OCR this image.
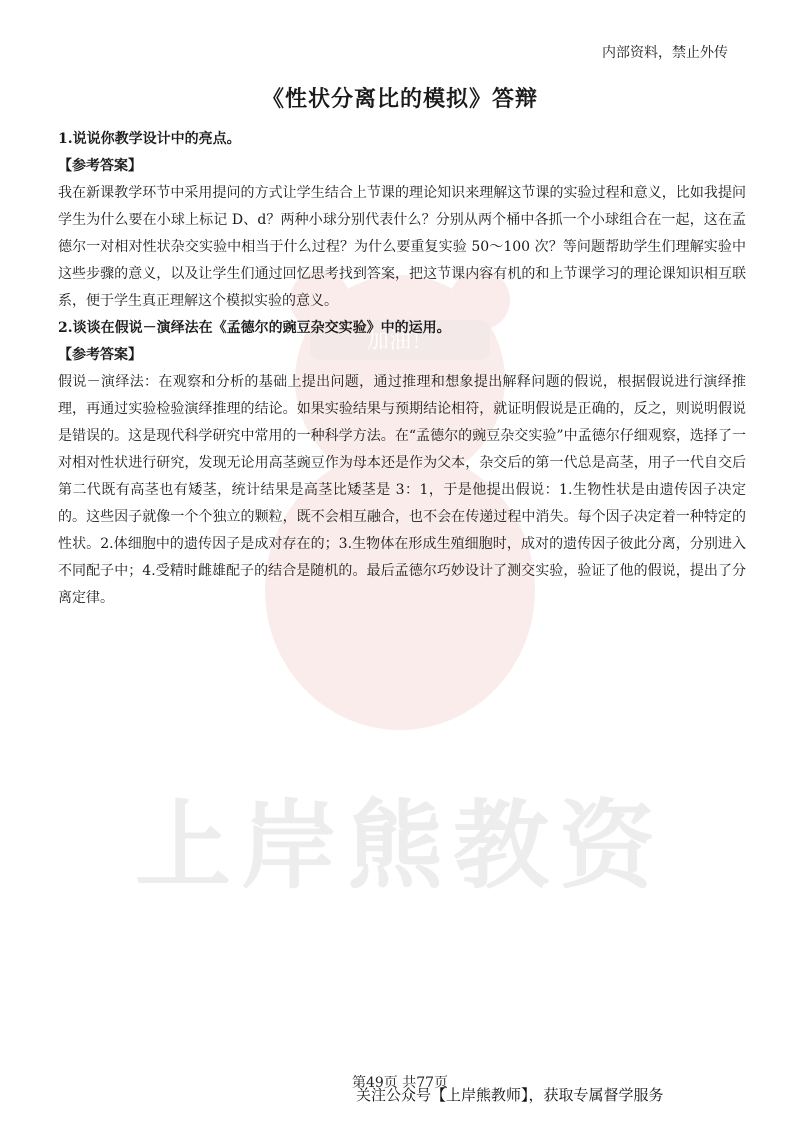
加油！
上岸熊教资
内部资料，禁止外传
《性状分离比的模拟》答辩
1.说说你教学设计中的亮点。
【参考答案】
我在新课教学环节中采用提问的方式让学生结合上节课的理论知识来理解这节课的实验过程和意义，比如我提问学生为什么要在小球上标记 D、d？两种小球分别代表什么？分别从两个桶中各抓一个小球组合在一起，这在孟德尔一对相对性状杂交实验中相当于什么过程？为什么要重复实验 50～100 次？等问题帮助学生们理解实验中这些步骤的意义，以及让学生们通过回忆思考找到答案，把这节课内容有机的和上节课学习的理论课知识相互联系，便于学生真正理解这个模拟实验的意义。
2.谈谈在假说－演绎法在《孟德尔的豌豆杂交实验》中的运用。
【参考答案】
假说－演绎法：在观察和分析的基础上提出问题，通过推理和想象提出解释问题的假说，根据假说进行演绎推理，再通过实验检验演绎推理的结论。如果实验结果与预期结论相符，就证明假说是正确的，反之，则说明假说是错误的。这是现代科学研究中常用的一种科学方法。在“孟德尔的豌豆杂交实验”中孟德尔仔细观察，选择了一对相对性状进行研究，发现无论用高茎豌豆作为母本还是作为父本，杂交后的第一代总是高茎，用子一代自交后第二代既有高茎也有矮茎，统计结果是高茎比矮茎是 3：1，于是他提出假说：1.生物性状是由遗传因子决定的。这些因子就像一个个独立的颗粒，既不会相互融合，也不会在传递过程中消失。每个因子决定着一种特定的性状。2.体细胞中的遗传因子是成对存在的；3.生物体在形成生殖细胞时，成对的遗传因子彼此分离，分别进入不同配子中；4.受精时雌雄配子的结合是随机的。最后孟德尔巧妙设计了测交实验，验证了他的假说，提出了分离定律。
第49页 共77页
关注公众号【上岸熊教师】，获取专属督学服务
